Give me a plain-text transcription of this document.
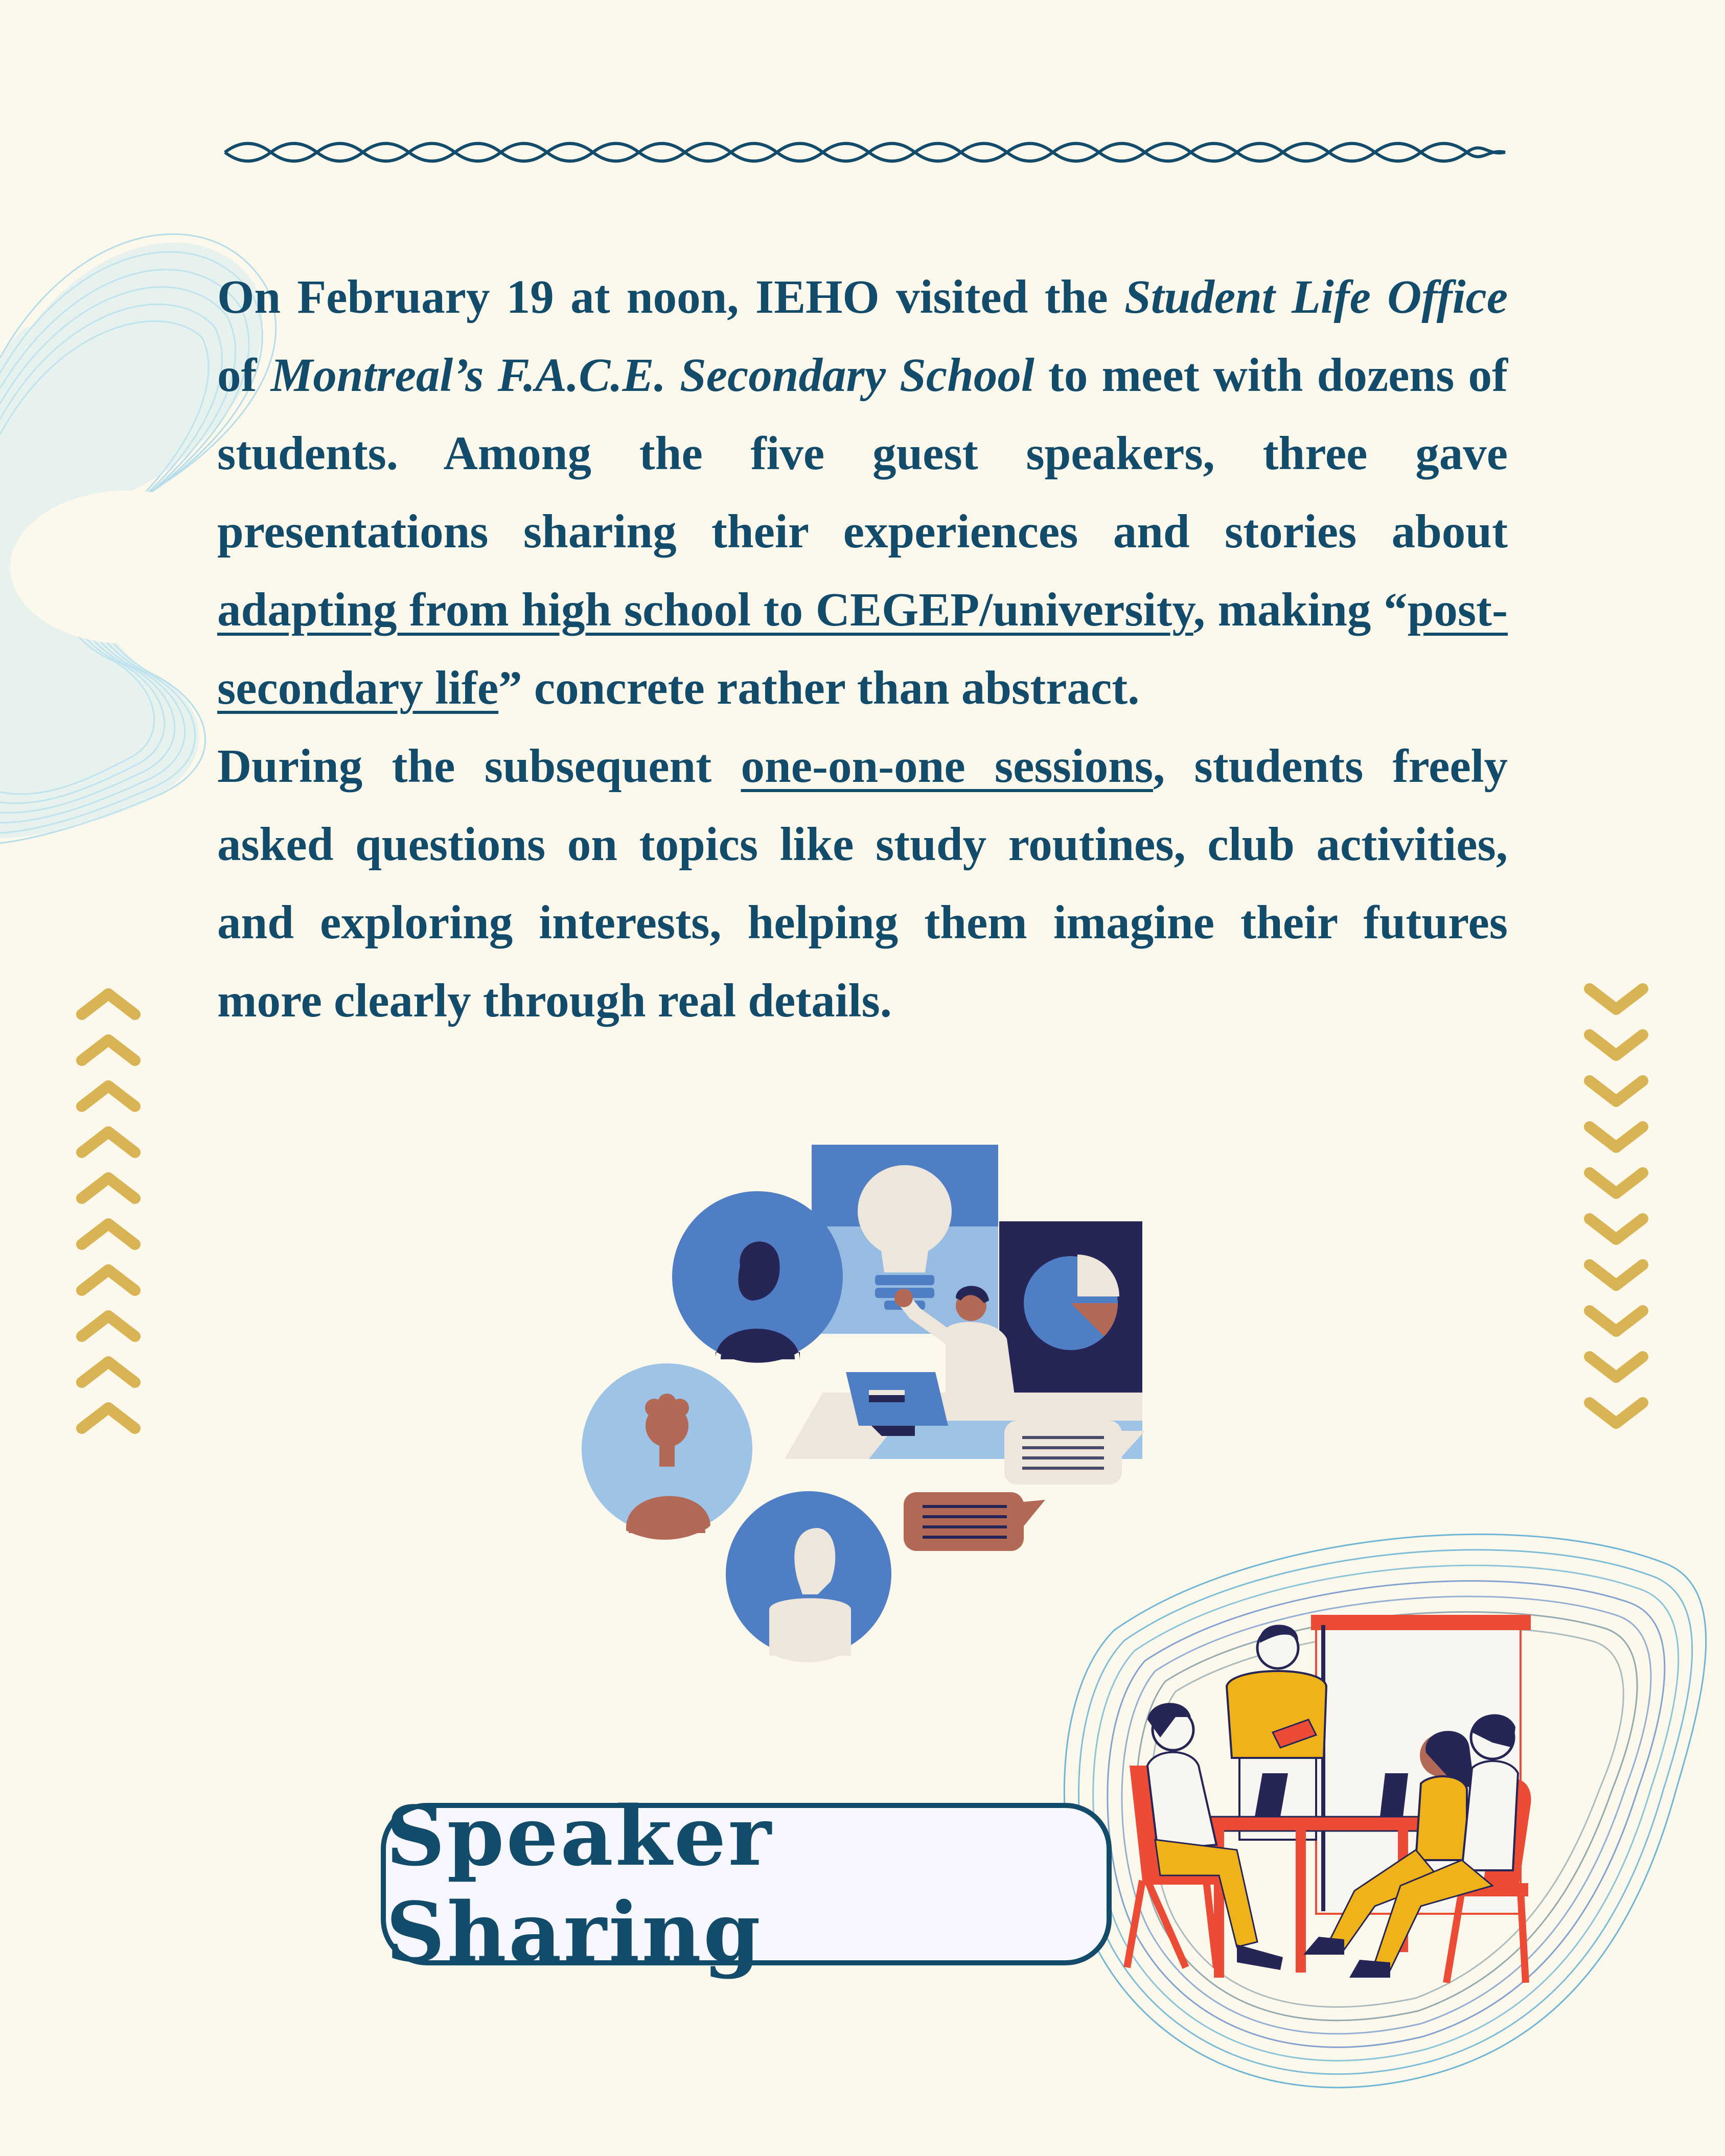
On February 19 at noon, IEHO visited the Student Life Office of Montreal’s F.A.C.E. Secondary School to meet with dozens of students. Among the five guest speakers, three gave presentations sharing their experiences and stories about adapting from high school to CEGEP/university, making “post-secondary life” concrete rather than abstract.

During the subsequent one-on-one sessions, students freely asked questions on topics like study routines, club activities, and exploring interests, helping them imagine their futures more clearly through real details.

Speaker Sharing
